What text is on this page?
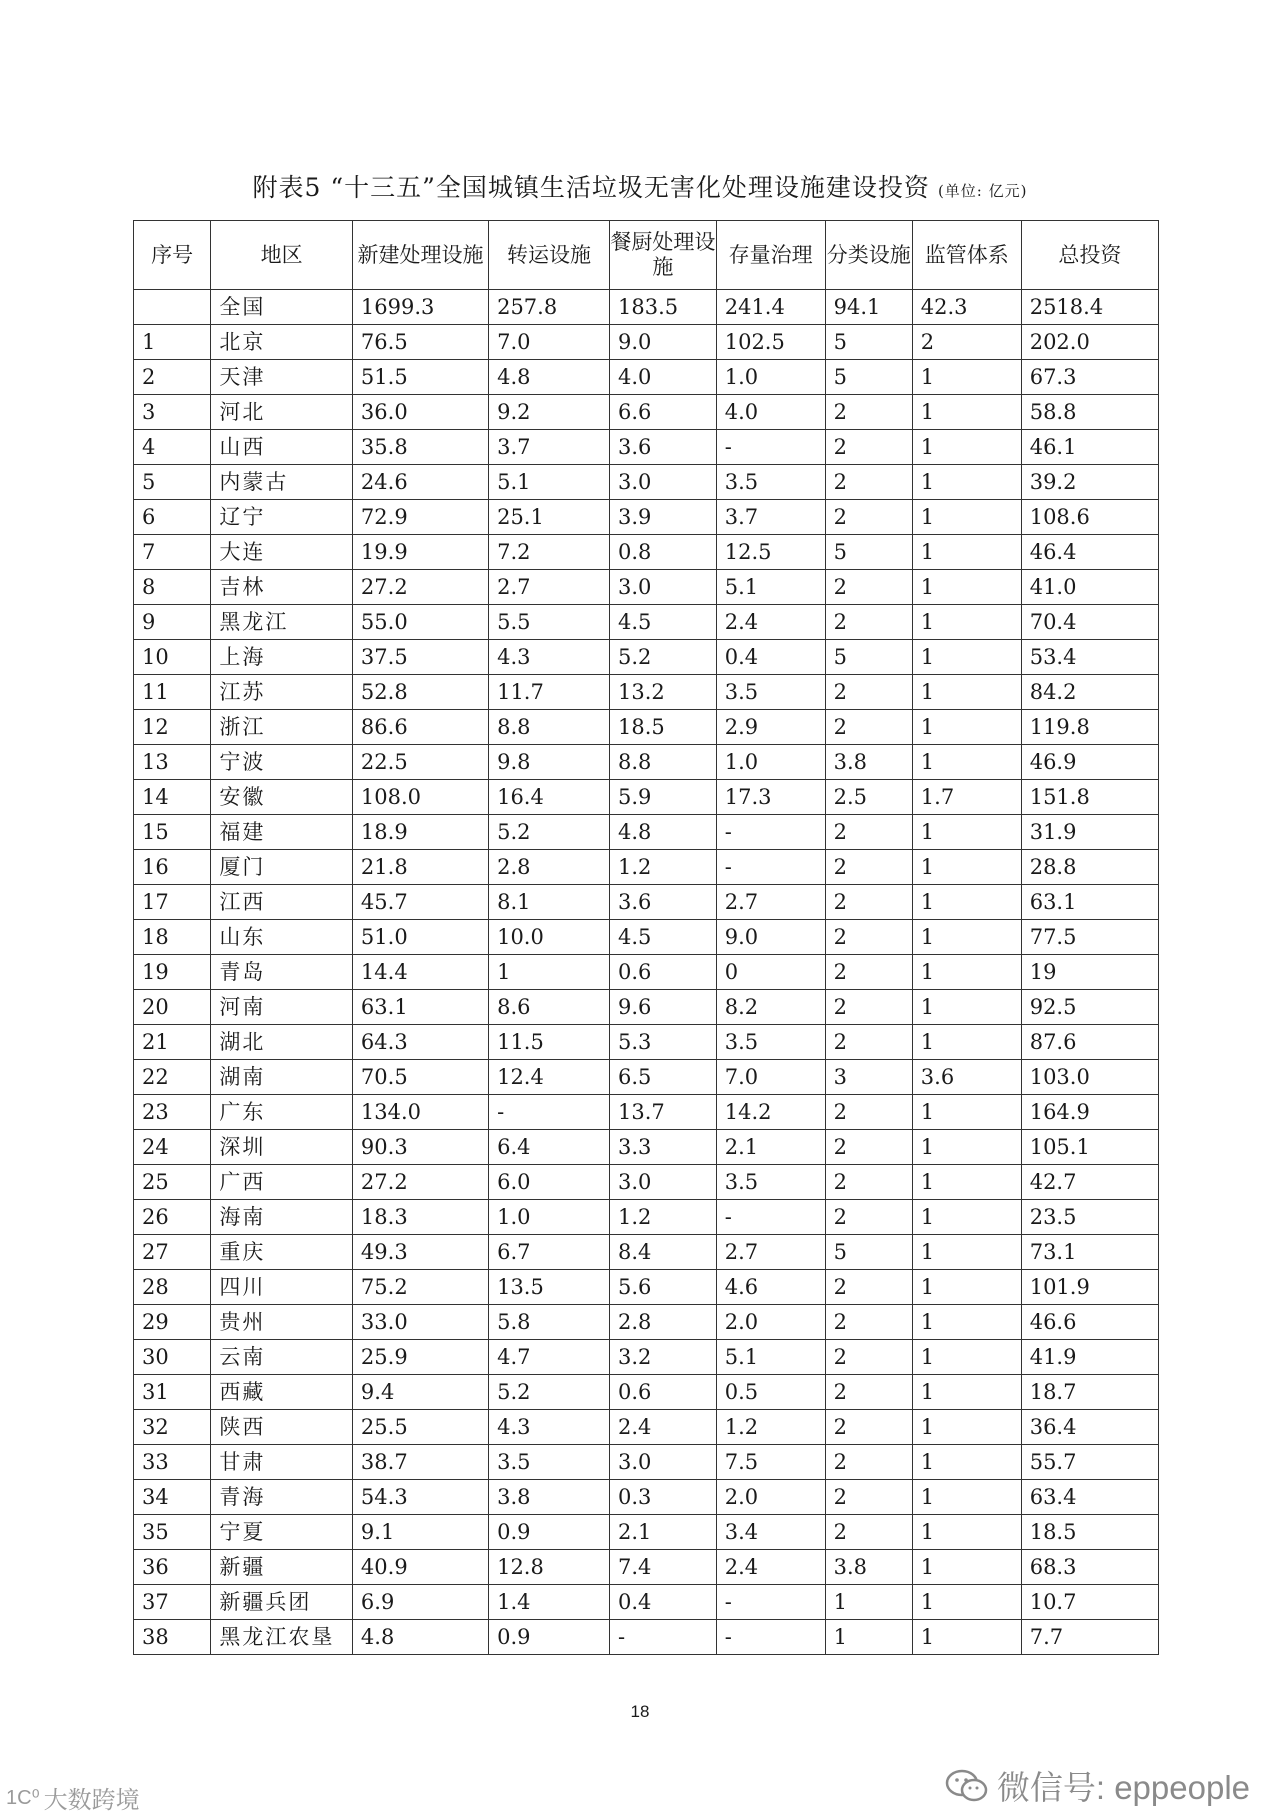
附表5 “十三五”全国城镇生活垃圾无害化处理设施建设投资 (单位: 亿元)
序号	地区	新建处理设施	转运设施	餐厨处理设施	存量治理	分类设施	监管体系	总投资
	全国	1699.3	257.8	183.5	241.4	94.1	42.3	2518.4
1	北京	76.5	7.0	9.0	102.5	5	2	202.0
2	天津	51.5	4.8	4.0	1.0	5	1	67.3
3	河北	36.0	9.2	6.6	4.0	2	1	58.8
4	山西	35.8	3.7	3.6	-	2	1	46.1
5	内蒙古	24.6	5.1	3.0	3.5	2	1	39.2
6	辽宁	72.9	25.1	3.9	3.7	2	1	108.6
7	大连	19.9	7.2	0.8	12.5	5	1	46.4
8	吉林	27.2	2.7	3.0	5.1	2	1	41.0
9	黑龙江	55.0	5.5	4.5	2.4	2	1	70.4
10	上海	37.5	4.3	5.2	0.4	5	1	53.4
11	江苏	52.8	11.7	13.2	3.5	2	1	84.2
12	浙江	86.6	8.8	18.5	2.9	2	1	119.8
13	宁波	22.5	9.8	8.8	1.0	3.8	1	46.9
14	安徽	108.0	16.4	5.9	17.3	2.5	1.7	151.8
15	福建	18.9	5.2	4.8	-	2	1	31.9
16	厦门	21.8	2.8	1.2	-	2	1	28.8
17	江西	45.7	8.1	3.6	2.7	2	1	63.1
18	山东	51.0	10.0	4.5	9.0	2	1	77.5
19	青岛	14.4	1	0.6	0	2	1	19
20	河南	63.1	8.6	9.6	8.2	2	1	92.5
21	湖北	64.3	11.5	5.3	3.5	2	1	87.6
22	湖南	70.5	12.4	6.5	7.0	3	3.6	103.0
23	广东	134.0	-	13.7	14.2	2	1	164.9
24	深圳	90.3	6.4	3.3	2.1	2	1	105.1
25	广西	27.2	6.0	3.0	3.5	2	1	42.7
26	海南	18.3	1.0	1.2	-	2	1	23.5
27	重庆	49.3	6.7	8.4	2.7	5	1	73.1
28	四川	75.2	13.5	5.6	4.6	2	1	101.9
29	贵州	33.0	5.8	2.8	2.0	2	1	46.6
30	云南	25.9	4.7	3.2	5.1	2	1	41.9
31	西藏	9.4	5.2	0.6	0.5	2	1	18.7
32	陕西	25.5	4.3	2.4	1.2	2	1	36.4
33	甘肃	38.7	3.5	3.0	7.5	2	1	55.7
34	青海	54.3	3.8	0.3	2.0	2	1	63.4
35	宁夏	9.1	0.9	2.1	3.4	2	1	18.5
36	新疆	40.9	12.8	7.4	2.4	3.8	1	68.3
37	新疆兵团	6.9	1.4	0.4	-	1	1	10.7
38	黑龙江农垦	4.8	0.9	-	-	1	1	7.7
18
微信号: eppeople
1C⁰ 大数跨境
